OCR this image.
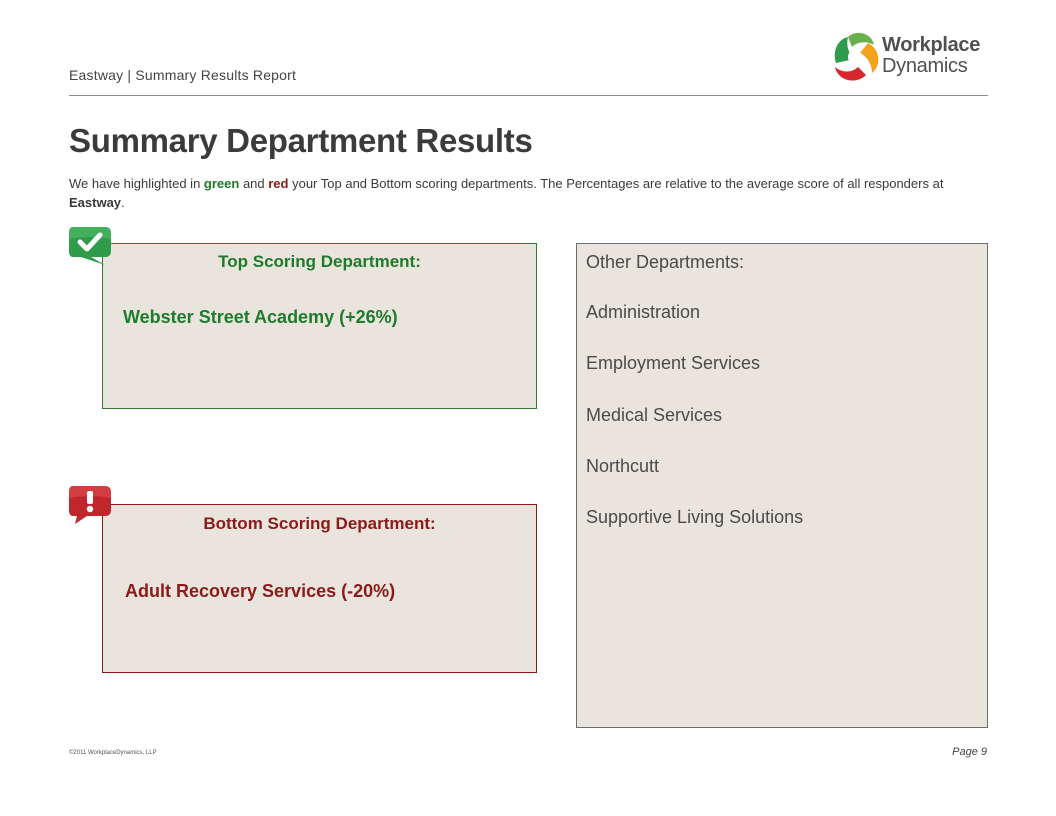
Eastway | Summary Results Report
Workplace
Dynamics
Summary Department Results
We have highlighted in green and red your Top and Bottom scoring departments. The Percentages are relative to the average score of all responders at Eastway.
Top Scoring Department:
Webster Street Academy (+26%)
Bottom Scoring Department:
Adult Recovery Services (-20%)
Other Departments:
Administration
Employment Services
Medical Services
Northcutt
Supportive Living Solutions
©2011 WorkplaceDynamics, LLP	Page 9
